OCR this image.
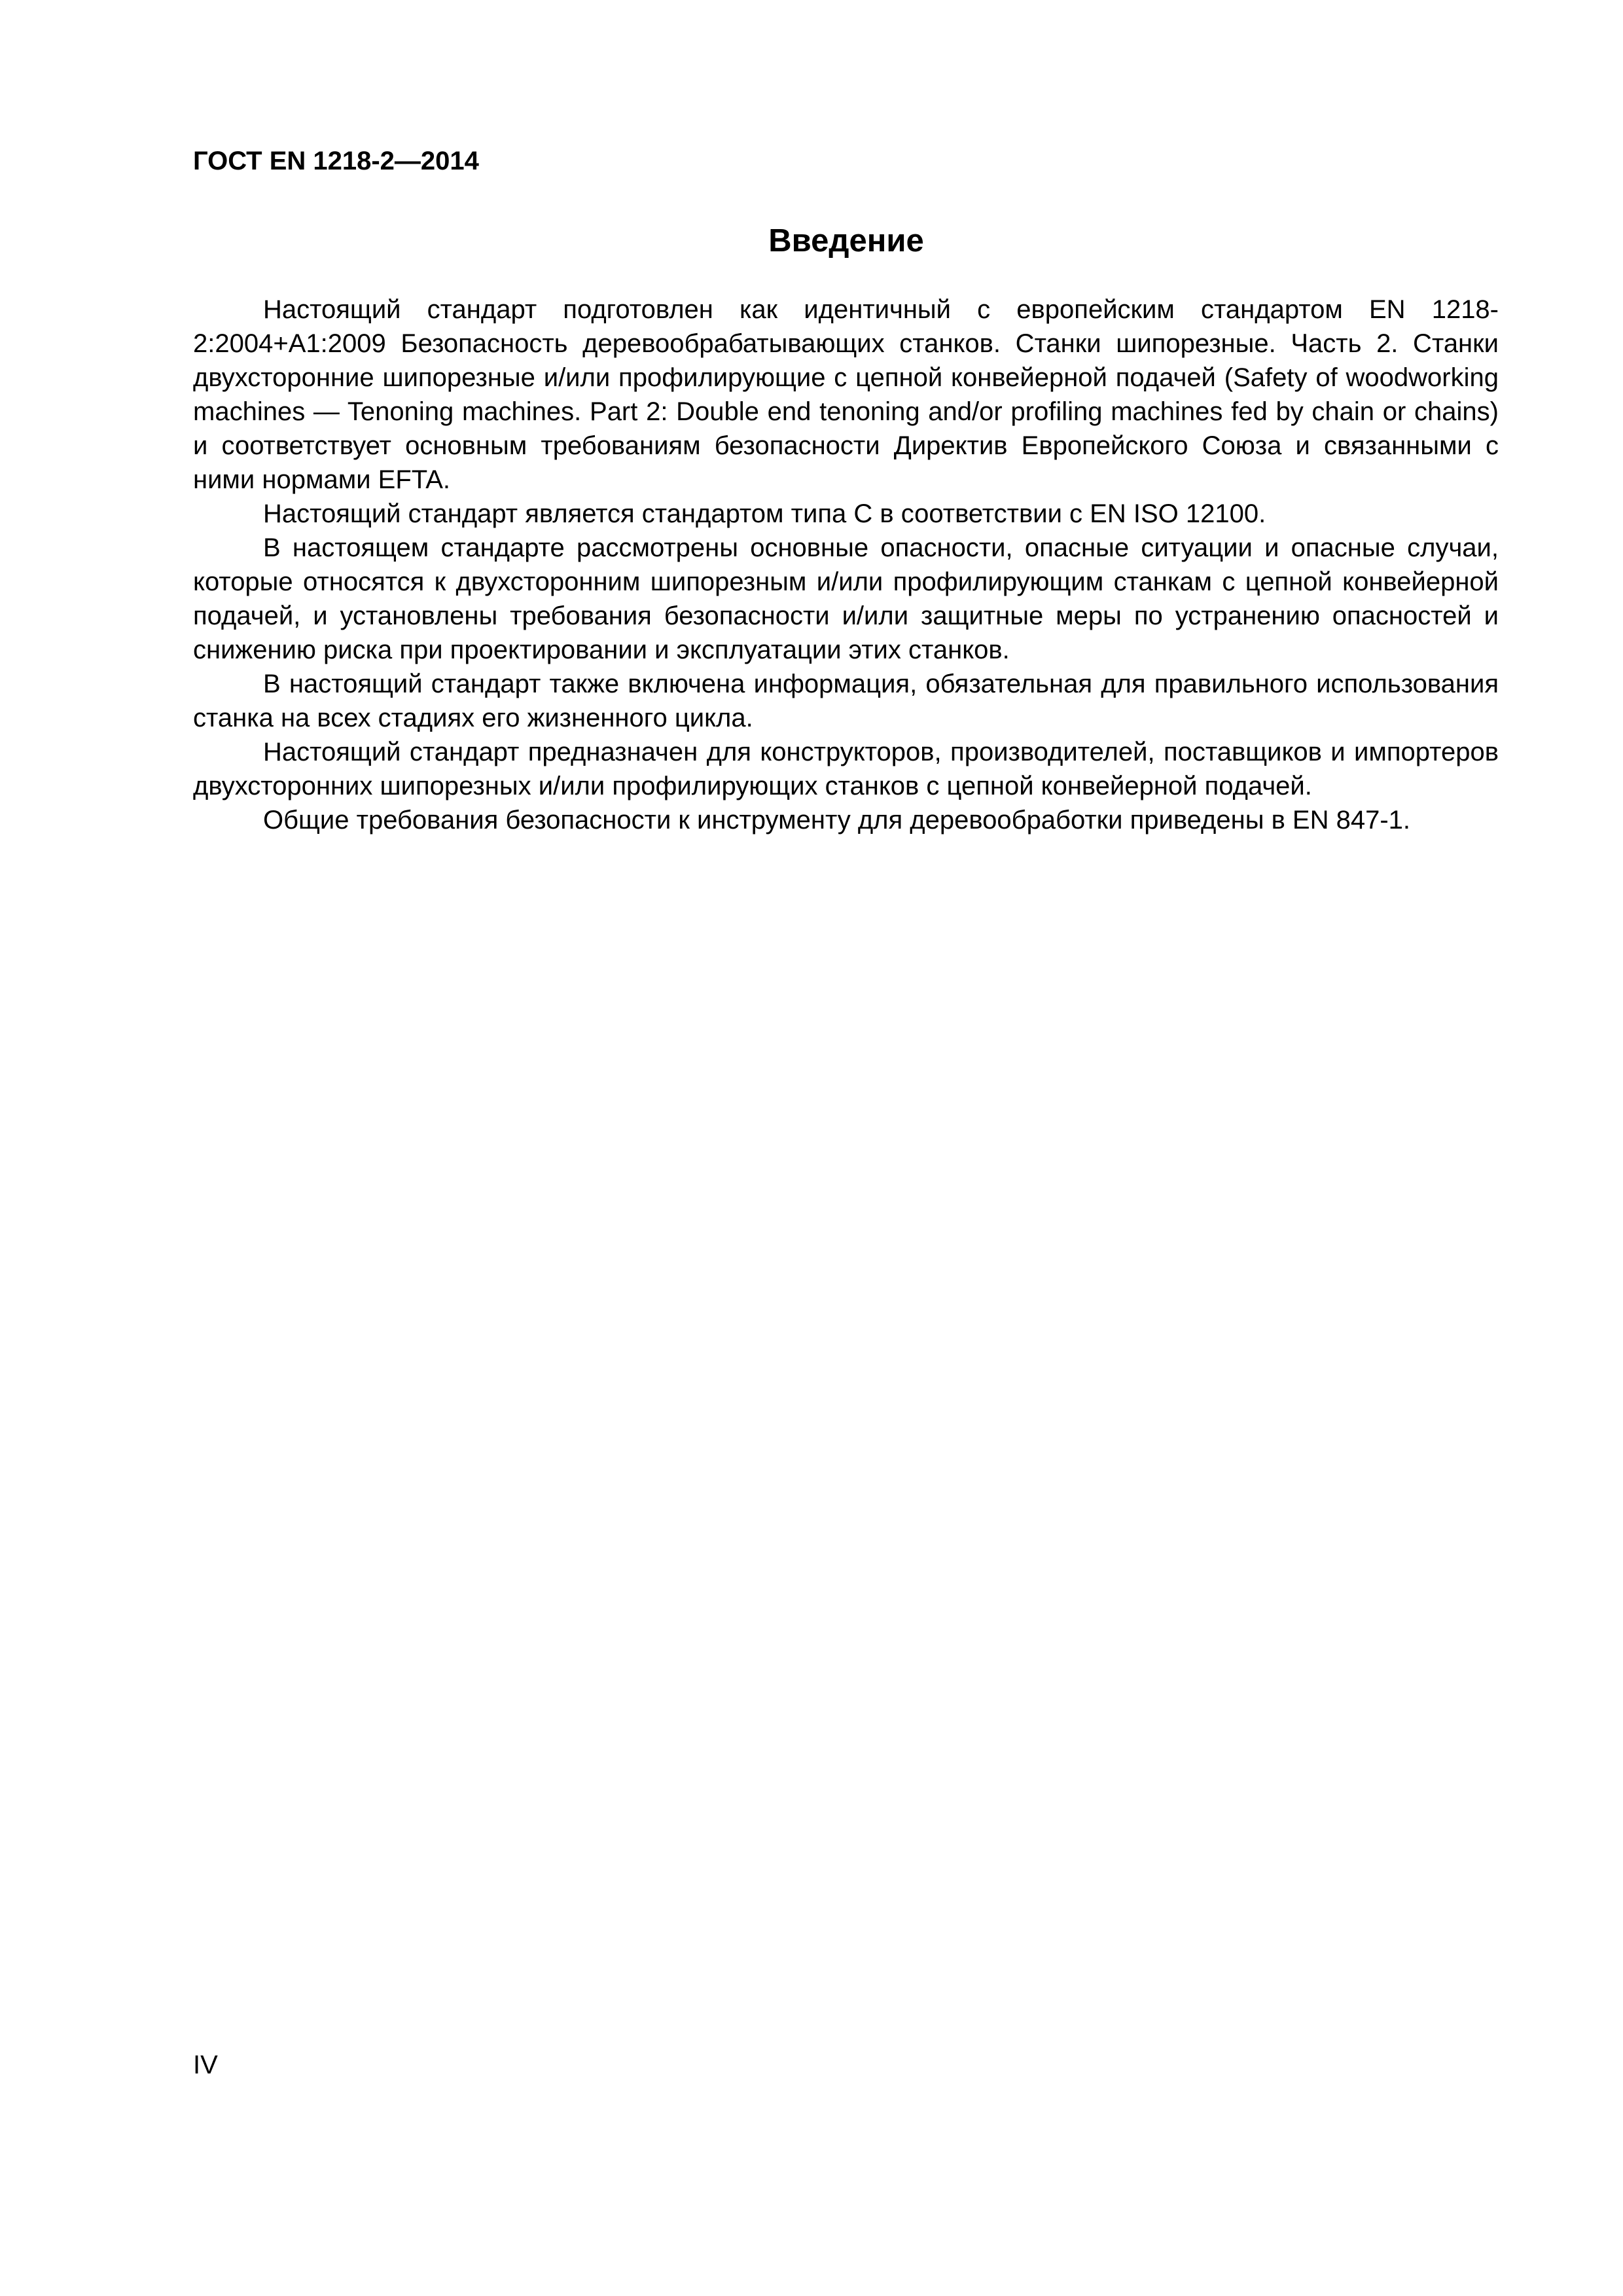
ГОСТ EN 1218-2—2014
Введение

Настоящий стандарт подготовлен как идентичный с европейским стандартом EN 1218-2:2004+A1:2009 Безопасность деревообрабатывающих станков. Станки шипорезные. Часть 2. Станки двухсторонние шипорезные и/или профилирующие с цепной конвейерной подачей (Safety of woodworking machines — Tenoning machines. Part 2: Double end tenoning and/or profiling machines fed by chain or chains) и соответствует основным требованиям безопасности Директив Европейского Союза и связанными с ними нормами EFTA.

Настоящий стандарт является стандартом типа С в соответствии с EN ISO 12100.

В настоящем стандарте рассмотрены основные опасности, опасные ситуации и опасные случаи, которые относятся к двухсторонним шипорезным и/или профилирующим станкам с цепной конвейерной подачей, и установлены требования безопасности и/или защитные меры по устранению опасностей и снижению риска при проектировании и эксплуатации этих станков.

В настоящий стандарт также включена информация, обязательная для правильного использования станка на всех стадиях его жизненного цикла.

Настоящий стандарт предназначен для конструкторов, производителей, поставщиков и импортеров двухсторонних шипорезных и/или профилирующих станков с цепной конвейерной подачей.

Общие требования безопасности к инструменту для деревообработки приведены в EN 847-1.

IV
